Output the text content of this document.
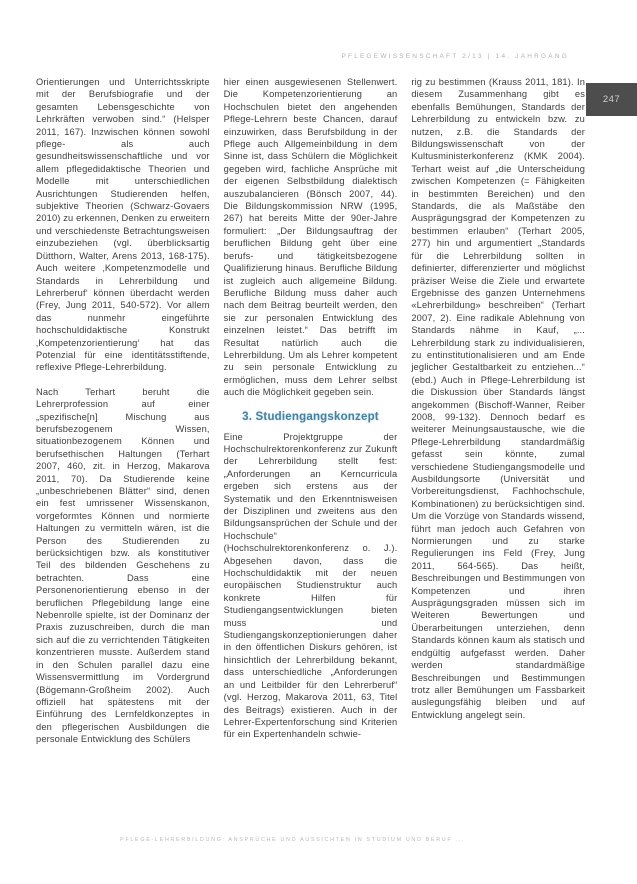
PFLEGEWISSENSCHAFT 2/13 | 14. JAHRGANG
247

Orientierungen und Unterrichtsskripte mit der Berufsbiografie und der gesamten Lebensgeschichte von Lehrkräften verwoben sind.“ (Helsper 2011, 167). Inzwischen können sowohl pflege- als auch gesundheitswissenschaftliche und vor allem pflegedidaktische Theorien und Modelle mit unterschiedlichen Ausrichtungen Studierenden helfen, subjektive Theorien (Schwarz-Govaers 2010) zu erkennen, Denken zu erweitern und verschiedenste Betrachtungsweisen einzubeziehen (vgl. überblicksartig Dütthorn, Walter, Arens 2013, 168-175). Auch weitere ‚Kompetenzmodelle und Standards in Lehrerbildung und Lehrerberuf‘ können überdacht werden (Frey, Jung 2011, 540-572). Vor allem das nunmehr eingeführte hochschuldidaktische Konstrukt ‚Kompetenzorientierung‘ hat das Potenzial für eine identitätsstiftende, reflexive Pflege-Lehrerbildung.

Nach Terhart beruht die Lehrerprofession auf einer „spezifische[n] Mischung aus berufsbezogenem Wissen, situationbezogenem Können und berufsethischen Haltungen (Terhart 2007, 460, zit. in Herzog, Makarova 2011, 70). Da Studierende keine „unbeschriebenen Blätter“ sind, denen ein fest umrissener Wissenskanon, vorgeformtes Können und normierte Haltungen zu vermitteln wären, ist die Person des Studierenden zu berücksichtigen bzw. als konstitutiver Teil des bildenden Geschehens zu betrachten. Dass eine Personenorientierung ebenso in der beruflichen Pflegebildung lange eine Nebenrolle spielte, ist der Dominanz der Praxis zuzuschreiben, durch die man sich auf die zu verrichtenden Tätigkeiten konzentrieren musste. Außerdem stand in den Schulen parallel dazu eine Wissensvermittlung im Vordergrund (Bögemann-Großheim 2002). Auch offiziell hat spätestens mit der Einführung des Lernfeldkonzeptes in den pflegerischen Ausbildungen die personale Entwicklung des Schülers

hier einen ausgewiesenen Stellenwert. Die Kompetenzorientierung an Hochschulen bietet den angehenden Pflege-Lehrern beste Chancen, darauf einzuwirken, dass Berufsbildung in der Pflege auch Allgemeinbildung in dem Sinne ist, dass Schülern die Möglichkeit gegeben wird, fachliche Ansprüche mit der eigenen Selbstbildung dialektisch auszubalancieren (Bönsch 2007, 44). Die Bildungskommission NRW (1995, 267) hat bereits Mitte der 90er-Jahre formuliert: „Der Bildungsauftrag der beruflichen Bildung geht über eine berufs- und tätigkeitsbezogene Qualifizierung hinaus. Berufliche Bildung ist zugleich auch allgemeine Bildung. Berufliche Bildung muss daher auch nach dem Beitrag beurteilt werden, den sie zur personalen Entwicklung des einzelnen leistet.“ Das betrifft im Resultat natürlich auch die Lehrerbildung. Um als Lehrer kompetent zu sein personale Entwicklung zu ermöglichen, muss dem Lehrer selbst auch die Möglichkeit gegeben sein.

3. Studiengangskonzept

Eine Projektgruppe der Hochschulrektorenkonferenz zur Zukunft der Lehrerbildung stellt fest: „Anforderungen an Kerncurricula ergeben sich erstens aus der Systematik und den Erkenntnisweisen der Disziplinen und zweitens aus den Bildungsansprüchen der Schule und der Hochschule“ (Hochschulrektorenkonferenz o. J.). Abgesehen davon, dass die Hochschuldidaktik mit der neuen europäischen Studienstruktur auch konkrete Hilfen für Studiengangsentwicklungen bieten muss und Studiengangskonzeptionierungen daher in den öffentlichen Diskurs gehören, ist hinsichtlich der Lehrerbildung bekannt, dass unterschiedliche „Anforderungen an und Leitbilder für den Lehrerberuf“ (vgl. Herzog, Makarova 2011, 63, Titel des Beitrags) existieren. Auch in der Lehrer-Expertenforschung sind Kriterien für ein Expertenhandeln schwie-

rig zu bestimmen (Krauss 2011, 181). In diesem Zusammenhang gibt es ebenfalls Bemühungen, Standards der Lehrerbildung zu entwickeln bzw. zu nutzen, z.B. die Standards der Bildungswissenschaft von der Kultusministerkonferenz (KMK 2004). Terhart weist auf „die Unterscheidung zwischen Kompetenzen (= Fähigkeiten in bestimmten Bereichen) und den Standards, die als Maßstäbe den Ausprägungsgrad der Kompetenzen zu bestimmen erlauben“ (Terhart 2005, 277) hin und argumentiert „Standards für die Lehrerbildung sollten in definierter, differenzierter und möglichst präziser Weise die Ziele und erwartete Ergebnisse des ganzen Unternehmens «Lehrerbildung» beschreiben“ (Terhart 2007, 2). Eine radikale Ablehnung von Standards nähme in Kauf, „... Lehrerbildung stark zu individualisieren, zu entinstitutionalisieren und am Ende jeglicher Gestaltbarkeit zu entziehen...“ (ebd.) Auch in Pflege-Lehrerbildung ist die Diskussion über Standards längst angekommen (Bischoff-Wanner, Reiber 2008, 99-132). Dennoch bedarf es weiterer Meinungsaustausche, wie die Pflege-Lehrerbildung standardmäßig gefasst sein könnte, zumal verschiedene Studiengangsmodelle und Ausbildungsorte (Universität und Vorbereitungsdienst, Fachhochschule, Kombinationen) zu berücksichtigen sind. Um die Vorzüge von Standards wissend, führt man jedoch auch Gefahren von Normierungen und zu starke Regulierungen ins Feld (Frey, Jung 2011, 564-565). Das heißt, Beschreibungen und Bestimmungen von Kompetenzen und ihren Ausprägungsgraden müssen sich im Weiteren Bewertungen und Überarbeitungen unterziehen, denn Standards können kaum als statisch und endgültig aufgefasst werden. Daher werden standardmäßige Beschreibungen und Bestimmungen trotz aller Bemühungen um Fassbarkeit auslegungsfähig bleiben und auf Entwicklung angelegt sein.

PFLEGE-LEHRERBILDUNG: ANSPRÜCHE UND AUSSICHTEN IN STUDIUM UND BERUF ...
